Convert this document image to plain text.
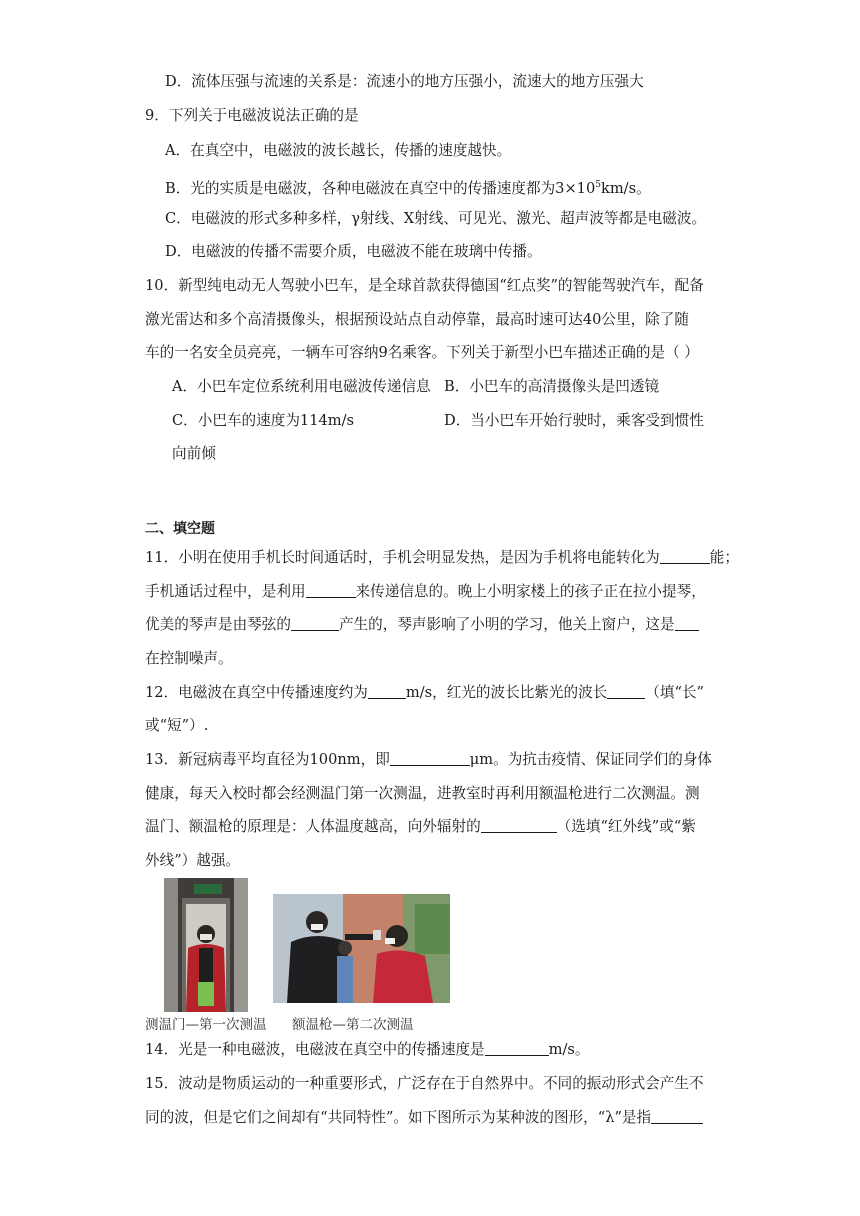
D．流体压强与流速的关系是：流速小的地方压强小，流速大的地方压强大
9．下列关于电磁波说法正确的是
A．在真空中，电磁波的波长越长，传播的速度越快。
B．光的实质是电磁波，各种电磁波在真空中的传播速度都为$3\times 10^5km/s$。
C．电磁波的形式多种多样，γ射线、X射线、可见光、激光、超声波等都是电磁波。
D．电磁波的传播不需要介质，电磁波不能在玻璃中传播。
10．新型纯电动无人驾驶小巴车，是全球首款获得德国“红点奖”的智能驾驶汽车，配备
激光雷达和多个高清摄像头，根据预设站点自动停靠，最高时速可达40公里，除了随
车的一名安全员亮亮，一辆车可容纳9名乘客。下列关于新型小巴车描述正确的是（ ）
A．小巴车定位系统利用电磁波传递信息 B．小巴车的高清摄像头是凹透镜
C．小巴车的速度为114m/s	D．当小巴车开始行驶时，乘客受到惯性
向前倾
二、填空题
11．小明在使用手机长时间通话时，手机会明显发热，是因为手机将电能转化为	能；
手机通话过程中，是利用	来传递信息的。晚上小明家楼上的孩子正在拉小提琴，
优美的琴声是由琴弦的	产生的，琴声影响了小明的学习，他关上窗户，这是
在控制噪声。
12．电磁波在真空中传播速度约为	m/s，红光的波长比紫光的波长	（填“长”
或“短”）.
13．新冠病毒平均直径为100nm，即	μm。为抗击疫情、保证同学们的身体
健康，每天入校时都会经测温门第一次测温，进教室时再利用额温枪进行二次测温。测
温门、额温枪的原理是：人体温度越高，向外辐射的	（选填“红外线”或“紫
外线”）越强。
测温门—第一次测温 额温枪—第二次测温
14．光是一种电磁波，电磁波在真空中的传播速度是	m/s。
15．波动是物质运动的一种重要形式，广泛存在于自然界中。不同的振动形式会产生不
同的波，但是它们之间却有“共同特性”。如下图所示为某种波的图形，“λ”是指
